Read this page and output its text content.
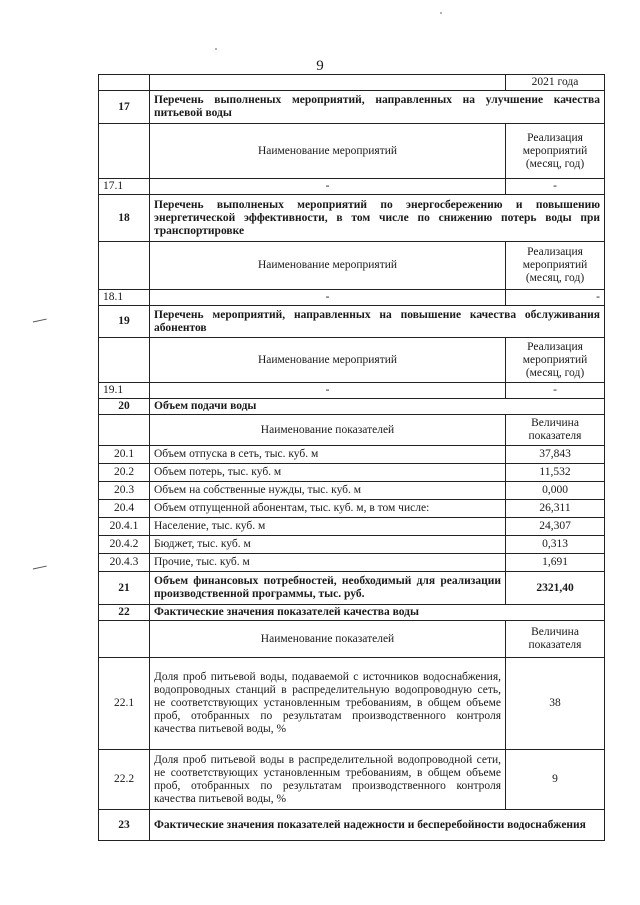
9
		2021 года
17	Перечень выполненых мероприятий, направленных на улучшение качества питьевой воды	
	Наименование мероприятий	Реализация мероприятий (месяц, год)
17.1	-	-
18	Перечень выполненых мероприятий по энергосбережению и повышению энергетической эффективности, в том числе по снижению потерь воды при транспортировке	
	Наименование мероприятий	Реализация мероприятий (месяц, год)
18.1	-	-
19	Перечень мероприятий, направленных на повышение качества обслуживания абонентов	
	Наименование мероприятий	Реализация мероприятий (месяц, год)
19.1	-	-
20	Объем подачи воды	
	Наименование показателей	Величина показателя
20.1	Объем отпуска в сеть, тыс. куб. м	37,843
20.2	Объем потерь, тыс. куб. м	11,532
20.3	Объем на собственные нужды, тыс. куб. м	0,000
20.4	Объем отпущенной абонентам, тыс. куб. м, в том числе:	26,311
20.4.1	Население, тыс. куб. м	24,307
20.4.2	Бюджет, тыс. куб. м	0,313
20.4.3	Прочие, тыс. куб. м	1,691
21	Объем финансовых потребностей, необходимый для реализации производственной программы, тыс. руб.	2321,40
22	Фактические значения показателей качества воды	
	Наименование показателей	Величина показателя
22.1	Доля проб питьевой воды, подаваемой с источников водоснабжения, водопроводных станций в распределительную водопроводную сеть, не соответствующих установленным требованиям, в общем объеме проб, отобранных по результатам производственного контроля качества питьевой воды, %	38
22.2	Доля проб питьевой воды в распределительной водопроводной сети, не соответствующих установленным требованиям, в общем объеме проб, отобранных по результатам производственного контроля качества питьевой воды, %	9
23	Фактические значения показателей надежности и бесперебойности водоснабжения	
